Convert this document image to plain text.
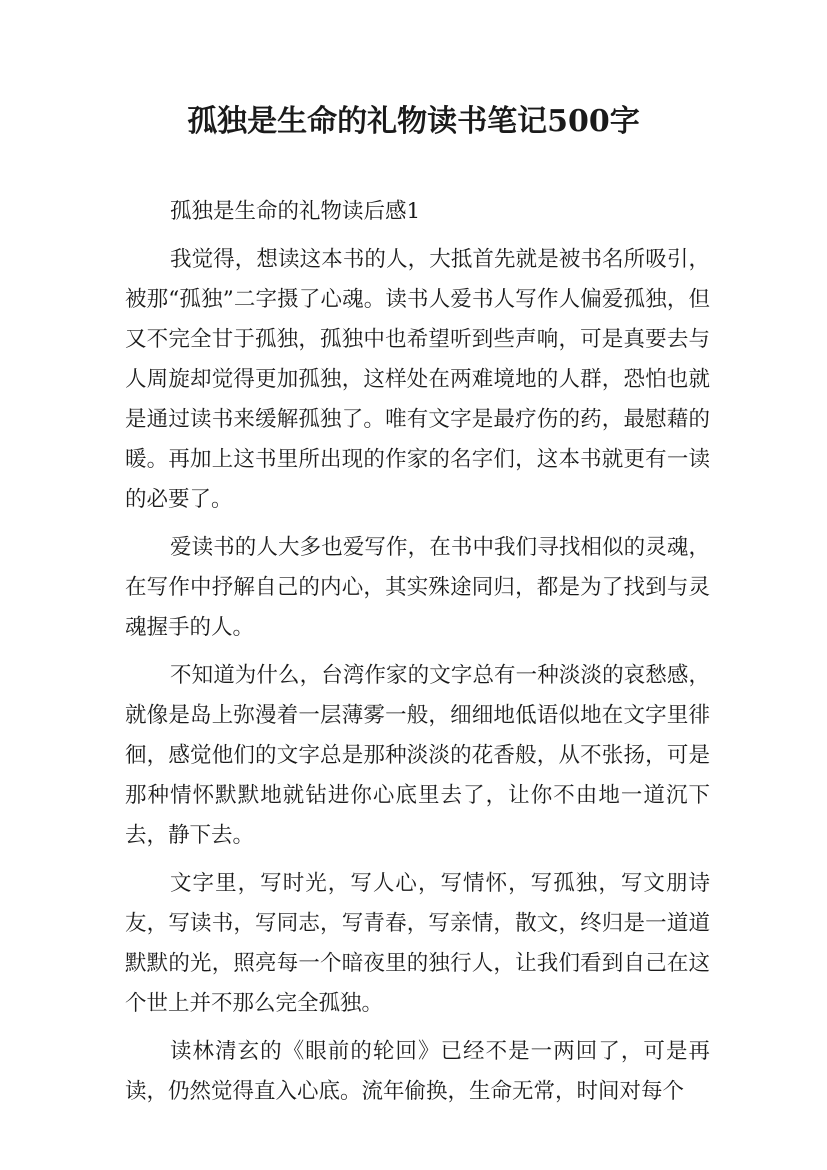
孤独是生命的礼物读书笔记500字

孤独是生命的礼物读后感1

我觉得，想读这本书的人，大抵首先就是被书名所吸引，被那“孤独”二字摄了心魂。读书人爱书人写作人偏爱孤独，但又不完全甘于孤独，孤独中也希望听到些声响，可是真要去与人周旋却觉得更加孤独，这样处在两难境地的人群，恐怕也就是通过读书来缓解孤独了。唯有文字是最疗伤的药，最慰藉的暖。再加上这书里所出现的作家的名字们，这本书就更有一读的必要了。

爱读书的人大多也爱写作，在书中我们寻找相似的灵魂，在写作中抒解自己的内心，其实殊途同归，都是为了找到与灵魂握手的人。

不知道为什么，台湾作家的文字总有一种淡淡的哀愁感，就像是岛上弥漫着一层薄雾一般，细细地低语似地在文字里徘徊，感觉他们的文字总是那种淡淡的花香般，从不张扬，可是那种情怀默默地就钻进你心底里去了，让你不由地一道沉下去，静下去。

文字里，写时光，写人心，写情怀，写孤独，写文朋诗友，写读书，写同志，写青春，写亲情，散文，终归是一道道默默的光，照亮每一个暗夜里的独行人，让我们看到自己在这个世上并不那么完全孤独。

读林清玄的《眼前的轮回》已经不是一两回了，可是再读，仍然觉得直入心底。流年偷换，生命无常，时间对每个
